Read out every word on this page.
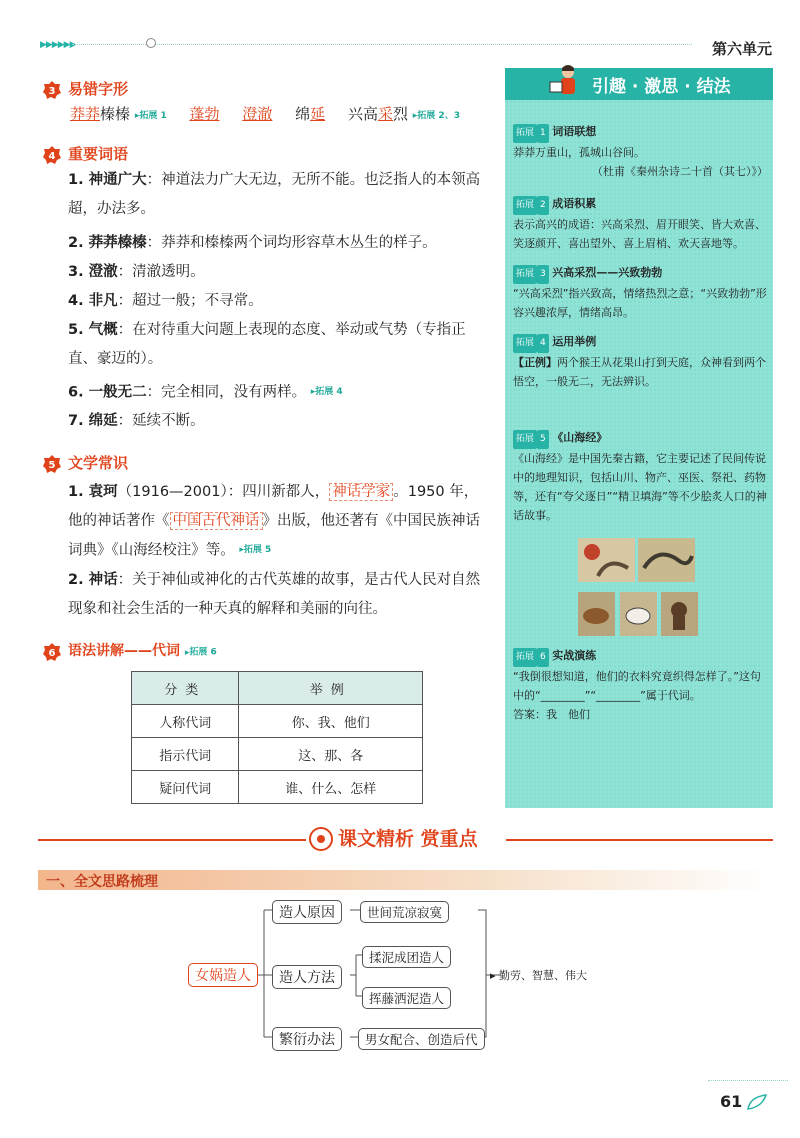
▶▶▶▶▶▶	第六单元
3 易错字形
莽莽榛榛 ▸ 拓展 1 蓬勃 澄澈 绵延 兴高采烈 ▸ 拓展 2、3
4 重要词语
1. 神通广大：神道法力广大无边，无所不能。也泛指人的本领高超，办法多。
2. 莽莽榛榛：莽莽和榛榛两个词均形容草木丛生的样子。
3. 澄澈：清澈透明。
4. 非凡：超过一般；不寻常。
5. 气概：在对待重大问题上表现的态度、举动或气势（专指正直、豪迈的）。
6. 一般无二：完全相同，没有两样。 ▸ 拓展 4
7. 绵延：延续不断。
5 文学常识
1. 袁珂（1916—2001）：四川新都人， 神话学家 。1950 年，他的神话著作《 中国古代神话 》出版，他还著有《中国民族神话词典》《山海经校注》等。 ▸ 拓展 5
2. 神话：关于神仙或神化的古代英雄的故事，是古代人民对自然现象和社会生活的一种天真的解释和美丽的向往。
6 语法讲解——代词 ▸ 拓展 6
分类	举例
人称代词	你、我、他们
指示代词	这、那、各
疑问代词	谁、什么、怎样
引趣 · 激思 · 结法
拓展 1 词语联想
莽莽万重山，孤城山谷间。
（杜甫《秦州杂诗二十首（其七）》）
拓展 2 成语积累
表示高兴的成语：兴高采烈、眉开眼笑、皆大欢喜、笑逐颜开、喜出望外、喜上眉梢、欢天喜地等。
拓展 3 兴高采烈——兴致勃勃
“兴高采烈”指兴致高，情绪热烈之意；“兴致勃勃”形容兴趣浓厚，情绪高昂。
拓展 4 运用举例
【正例】两个猴王从花果山打到天庭，众神看到两个悟空，一般无二，无法辨识。
拓展 5 《山海经》
《山海经》是中国先秦古籍，它主要记述了民间传说中的地理知识，包括山川、物产、巫医、祭祀、药物等，还有“夸父逐日”“精卫填海”等不少脍炙人口的神话故事。
拓展 6 实战演练
“我倒很想知道，他们的衣料究竟织得怎样了。”这句中的“________”“________”属于代词。
答案：我　他们
课文精析 赏重点
一、全文思路梳理
女娲造人
造人原因	世间荒凉寂寞
造人方法
揉泥成团造人
挥藤洒泥造人
繁衍办法	男女配合、创造后代
▸ 勤劳、智慧、伟大
61
